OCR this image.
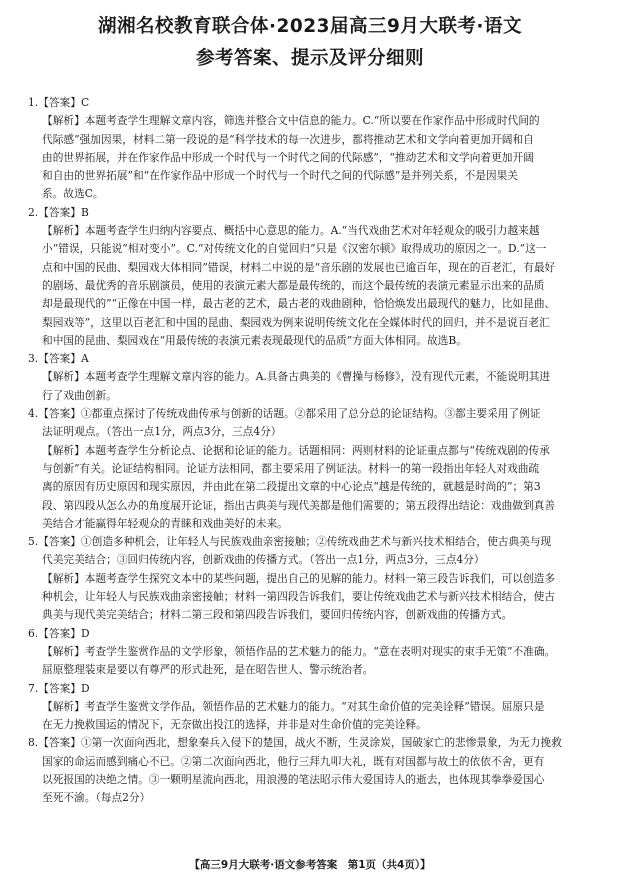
湖湘名校教育联合体·2023届高三9月大联考·语文
参考答案、提示及评分细则
1.【答案】C
【解析】本题考查学生理解文章内容，筛选并整合文中信息的能力。C.“所以要在作家作品中形成时代间的
代际感”强加因果，材料二第一段说的是“科学技术的每一次进步，都将推动艺术和文学向着更加开阔和自
由的世界拓展，并在作家作品中形成一个时代与一个时代之间的代际感”，“推动艺术和文学向着更加开阔
和自由的世界拓展”和“在作家作品中形成一个时代与一个时代之间的代际感”是并列关系，不是因果关
系。故选C。
2.【答案】B
【解析】本题考查学生归纳内容要点、概括中心意思的能力。A.“当代戏曲艺术对年轻观众的吸引力越来越
小”错误，只能说“相对变小”。C.“对传统文化的自觉回归”只是《汉密尔顿》取得成功的原因之一。D.“这一
点和中国的民曲、梨园戏大体相同”错误，材料二中说的是“音乐剧的发展也已逾百年，现在的百老汇，有最好
的剧场、最优秀的音乐剧演员，使用的表演元素大都是最传统的，而这个最传统的表演元素显示出来的品质
却是最现代的”“正像在中国一样，最古老的艺术，最古老的戏曲剧种，恰恰焕发出最现代的魅力，比如昆曲、
梨园戏等”，这里以百老汇和中国的昆曲、梨园戏为例来说明传统文化在全媒体时代的回归，并不是说百老汇
和中国的昆曲、梨园戏在“用最传统的表演元素表现最现代的品质”方面大体相同。故选B。
3.【答案】A
【解析】本题考查学生理解文章内容的能力。A.具备古典美的《曹操与杨修》，没有现代元素，不能说明其进
行了戏曲创新。
4.【答案】①都重点探讨了传统戏曲传承与创新的话题。②都采用了总分总的论证结构。③都主要采用了例证
法证明观点。（答出一点1分，两点3分，三点4分）
【解析】本题考查学生分析论点、论据和论证的能力。话题相同：两则材料的论证重点都与“传统戏剧的传承
与创新”有关。论证结构相同。论证方法相同，都主要采用了例证法。材料一的第一段指出年轻人对戏曲疏
离的原因有历史原因和现实原因，并由此在第二段提出文章的中心论点“越是传统的，就越是时尚的”；第3
段、第四段从怎么办的角度展开论证，指出古典美与现代美都是他们需要的；第五段得出结论：戏曲做到真善
美结合才能赢得年轻观众的青睐和戏曲美好的未来。
5.【答案】①创造多种机会，让年轻人与民族戏曲亲密接触；②传统戏曲艺术与新兴技术相结合，使古典美与现
代美完美结合；③回归传统内容，创新戏曲的传播方式。（答出一点1分，两点3分，三点4分）
【解析】本题考查学生探究文本中的某些问题，提出自己的见解的能力。材料一第三段告诉我们，可以创造多
种机会，让年轻人与民族戏曲亲密接触；材料一第四段告诉我们，要让传统戏曲艺术与新兴技术相结合，使古
典美与现代美完美结合；材料二第三段和第四段告诉我们，要回归传统内容，创新戏曲的传播方式。
6.【答案】D
【解析】考查学生鉴赏作品的文学形象，领悟作品的艺术魅力的能力。“意在表明对现实的束手无策”不准确。
屈原整理装束是要以有尊严的形式赴死，是在昭告世人、警示统治者。
7.【答案】D
【解析】考查学生鉴赏文学作品，领悟作品的艺术魅力的能力。“对其生命价值的完美诠释”错误。屈原只是
在无力挽救国运的情况下，无奈做出投江的选择，并非是对生命价值的完美诠释。
8.【答案】①第一次面向西北，想象秦兵入侵下的楚国，战火不断，生灵涂炭，国破家亡的悲惨景象，为无力挽救
国家的命运而感到痛心不已。②第二次面向西北，他行三拜九叩大礼，既有对国都与故土的依依不舍，更有
以死报国的决绝之情。③一颗明星流向西北，用浪漫的笔法昭示伟大爱国诗人的逝去，也体现其拳拳爱国心
至死不渝。（每点2分）
【高三9月大联考·语文参考答案　第1页（共4页）】
